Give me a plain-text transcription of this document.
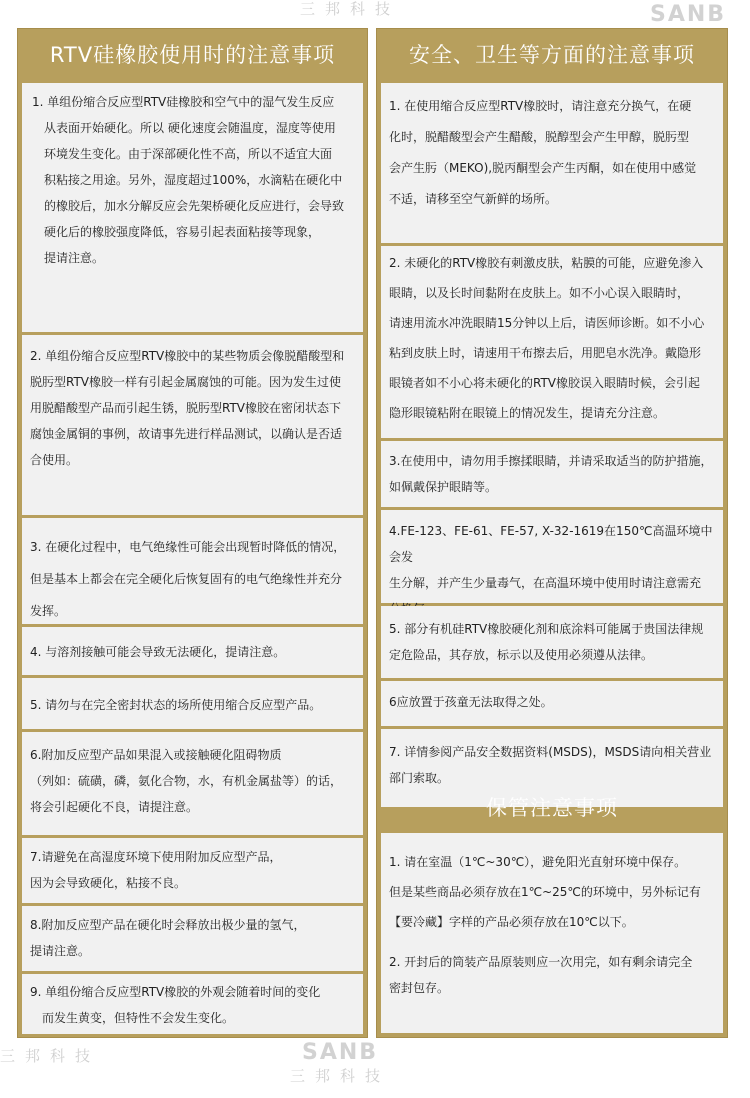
三邦科技	SANB
SANB
三邦科技
三邦科技
RTV硅橡胶使用时的注意事项

1. 单组份缩合反应型RTV硅橡胶和空气中的湿气发生反应

从表面开始硬化。所以 硬化速度会随温度，湿度等使用

环境发生变化。由于深部硬化性不高，所以不适宜大面

积粘接之用途。另外，湿度超过100%，水滴粘在硬化中

的橡胶后，加水分解反应会先架桥硬化反应进行，会导致

硬化后的橡胶强度降低，容易引起表面粘接等现象，

提请注意。

2. 单组份缩合反应型RTV橡胶中的某些物质会像脱醋酸型和

脱肟型RTV橡胶一样有引起金属腐蚀的可能。因为发生过使

用脱醋酸型产品而引起生锈，脱肟型RTV橡胶在密闭状态下

腐蚀金属铜的事例，故请事先进行样品测试，以确认是否适

合使用。

3. 在硬化过程中，电气绝缘性可能会出现暂时降低的情况，

但是基本上都会在完全硬化后恢复固有的电气绝缘性并充分

发挥。

4. 与溶剂接触可能会导致无法硬化，提请注意。

5. 请勿与在完全密封状态的场所使用缩合反应型产品。

6.附加反应型产品如果混入或接触硬化阻碍物质

（列如：硫磺，磷，氨化合物，水，有机金属盐等）的话，

将会引起硬化不良，请提注意。

7.请避免在高湿度环境下使用附加反应型产品，

因为会导致硬化，粘接不良。

8.附加反应型产品在硬化时会释放出极少量的氢气，

提请注意。

9. 单组份缩合反应型RTV橡胶的外观会随着时间的变化

而发生黄变，但特性不会发生变化。

安全、卫生等方面的注意事项

1. 在使用缩合反应型RTV橡胶时，请注意充分换气，在硬

化时，脱醋酸型会产生醋酸，脱醇型会产生甲醇，脱肟型

会产生肟（MEKO),脱丙酮型会产生丙酮，如在使用中感觉

不适，请移至空气新鲜的场所。

2. 未硬化的RTV橡胶有刺激皮肤，粘膜的可能，应避免渗入

眼睛，以及长时间黏附在皮肤上。如不小心误入眼睛时，

请速用流水冲洗眼睛15分钟以上后，请医师诊断。如不小心

粘到皮肤上时，请速用干布擦去后，用肥皂水洗净。戴隐形

眼镜者如不小心将未硬化的RTV橡胶误入眼睛时候，会引起

隐形眼镜粘附在眼镜上的情况发生，提请充分注意。

3.在使用中，请勿用手擦揉眼睛，并请采取适当的防护措施，

如佩戴保护眼睛等。

4.FE-123、FE-61、FE-57, X-32-1619在150℃高温环境中会发

生分解，并产生少量毒气，在高温环境中使用时请注意需充

5. 部分有机硅RTV橡胶硬化剂和底涂料可能属于贵国法律规

定危险品，其存放，标示以及使用必须遵从法律。

6应放置于孩童无法取得之处。

7. 详情参阅产品安全数据资料(MSDS)，MSDS请向相关营业

部门索取。

保管注意事项

1. 请在室温（1℃~30℃），避免阳光直射环境中保存。

但是某些商品必须存放在1℃~25℃的环境中，另外标记有

【要冷藏】字样的产品必须存放在10℃以下。

2. 开封后的筒装产品原装则应一次用完，如有剩余请完全

密封包存。
